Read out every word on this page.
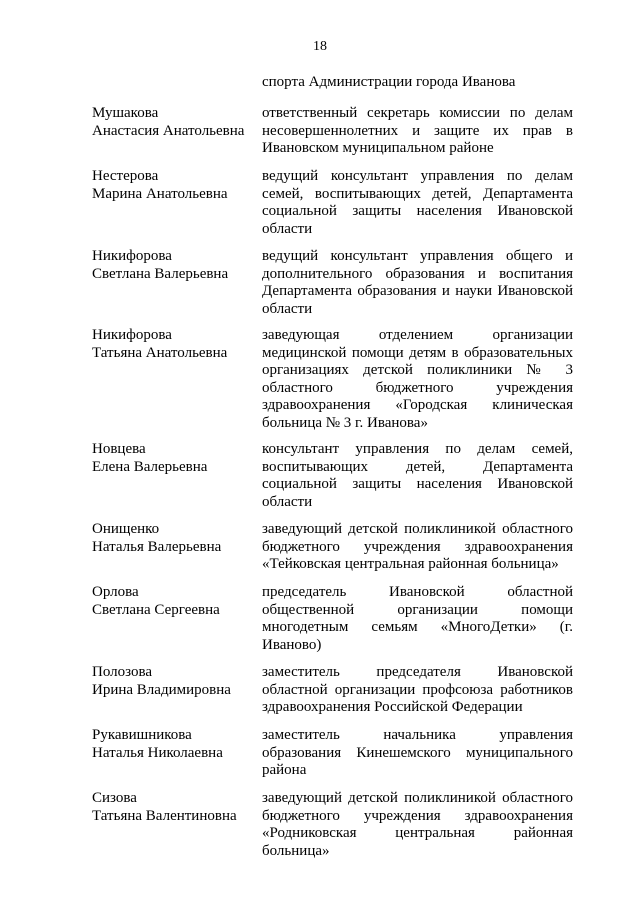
18
спорта Администрации города Иванова
Мушакова
Анастасия Анатольевна
ответственный секретарь комиссии по делам несовершеннолетних и защите их прав в Ивановском муниципальном районе
Нестерова
Марина Анатольевна
ведущий консультант управления по делам семей, воспитывающих детей, Департамента социальной защиты населения Ивановской области
Никифорова
Светлана Валерьевна
ведущий консультант управления общего и дополнительного образования и воспитания Департамента образования и науки Ивановской области
Никифорова
Татьяна Анатольевна
заведующая отделением организации медицинской помощи детям в образовательных организациях детской поликлиники № 3 областного бюджетного учреждения здравоохранения «Городская клиническая больница № 3 г. Иванова»
Новцева
Елена Валерьевна
консультант управления по делам семей, воспитывающих детей, Департамента социальной защиты населения Ивановской области
Онищенко
Наталья Валерьевна
заведующий детской поликлиникой областного бюджетного учреждения здравоохранения «Тейковская центральная районная больница»
Орлова
Светлана Сергеевна
председатель Ивановской областной общественной организации помощи многодетным семьям «МногоДетки» (г. Иваново)
Полозова
Ирина Владимировна
заместитель председателя Ивановской областной организации профсоюза работников здравоохранения Российской Федерации
Рукавишникова
Наталья Николаевна
заместитель начальника управления образования Кинешемского муниципального района
Сизова
Татьяна Валентиновна
заведующий детской поликлиникой областного бюджетного учреждения здравоохранения «Родниковская центральная районная больница»
